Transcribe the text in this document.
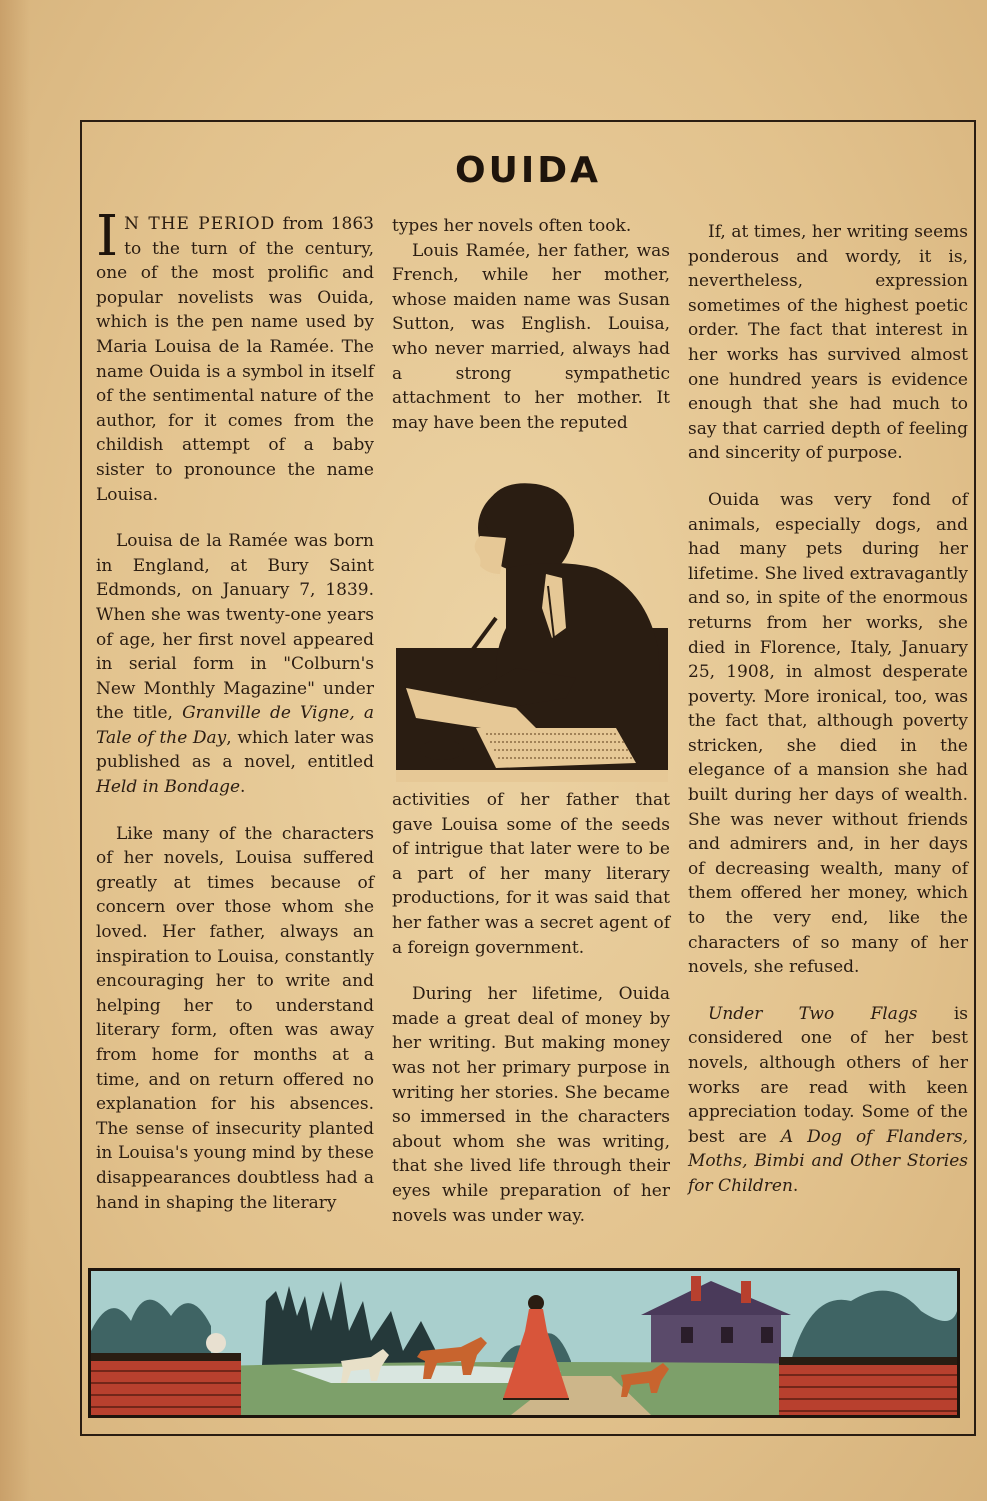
OUIDA

I N THE PERIOD from 1863 to the turn of the century, one of the most prolific and popular novelists was Ouida, which is the pen name used by Maria Louisa de la Ramée. The name Ouida is a symbol in itself of the sentimental nature of the author, for it comes from the childish attempt of a baby sister to pronounce the name Louisa.

Louisa de la Ramée was born in England, at Bury Saint Edmonds, on January 7, 1839. When she was twenty-one years of age, her first novel appeared in serial form in "Colburn's New Monthly Magazine" under the title, Granville de Vigne, a Tale of the Day, which later was published as a novel, entitled Held in Bondage.

Like many of the characters of her novels, Louisa suffered greatly at times because of concern over those whom she loved. Her father, always an inspiration to Louisa, constantly encouraging her to write and helping her to understand literary form, often was away from home for months at a time, and on return offered no explanation for his absences. The sense of insecurity planted in Louisa's young mind by these disappearances doubtless had a hand in shaping the literary

types her novels often took.

Louis Ramée, her father, was French, while her mother, whose maiden name was Susan Sutton, was English. Louisa, who never married, always had a strong sympathetic attachment to her mother. It may have been the reputed

activities of her father that gave Louisa some of the seeds of intrigue that later were to be a part of her many literary productions, for it was said that her father was a secret agent of a foreign government.

During her lifetime, Ouida made a great deal of money by her writing. But making money was not her primary purpose in writing her stories. She became so immersed in the characters about whom she was writing, that she lived life through their eyes while preparation of her novels was under way.

If, at times, her writing seems ponderous and wordy, it is, nevertheless, expression sometimes of the highest poetic order. The fact that interest in her works has survived almost one hundred years is evidence enough that she had much to say that carried depth of feeling and sincerity of purpose.

Ouida was very fond of animals, especially dogs, and had many pets during her lifetime. She lived extravagantly and so, in spite of the enormous returns from her works, she died in Florence, Italy, January 25, 1908, in almost desperate poverty. More ironical, too, was the fact that, although poverty stricken, she died in the elegance of a mansion she had built during her days of wealth. She was never without friends and admirers and, in her days of decreasing wealth, many of them offered her money, which to the very end, like the characters of so many of her novels, she refused.

Under Two Flags is considered one of her best novels, although others of her works are read with keen appreciation today. Some of the best are A Dog of Flanders, Moths, Bimbi and Other Stories for Children.
